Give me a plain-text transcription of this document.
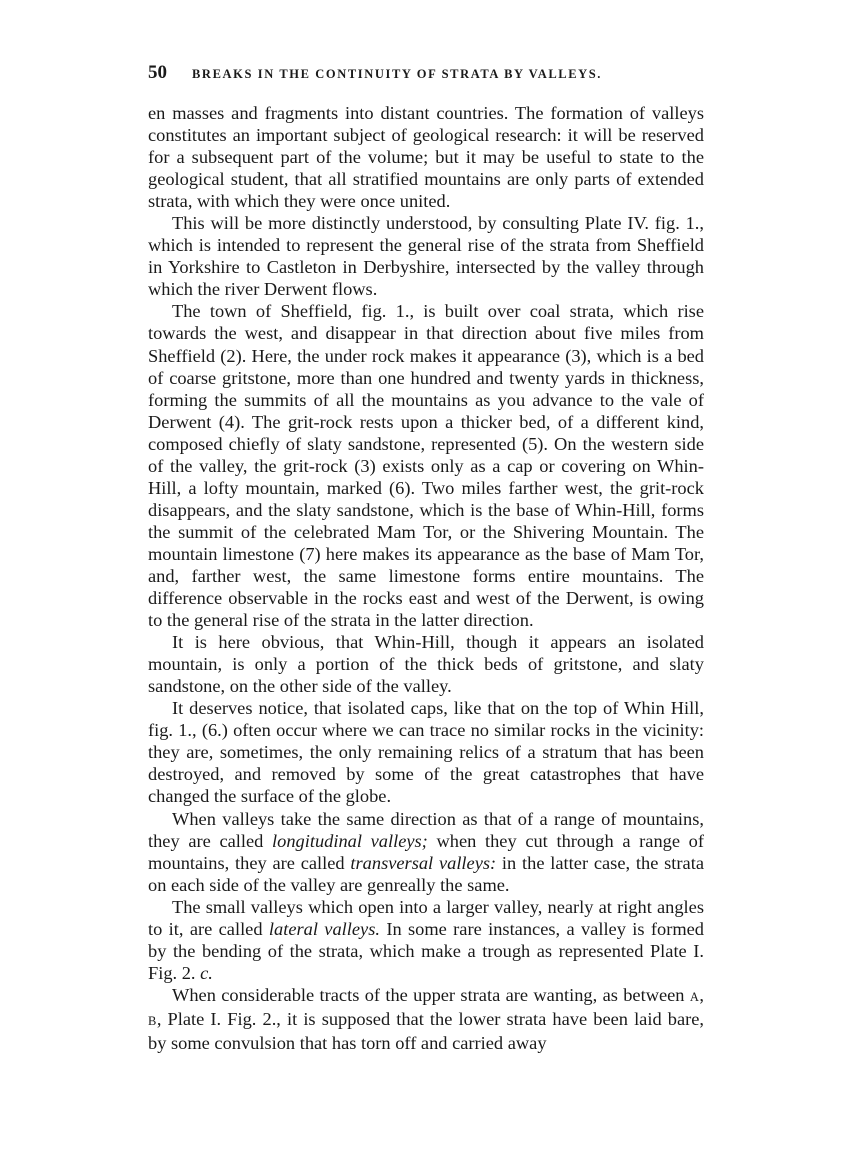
50	BREAKS IN THE CONTINUITY OF STRATA BY VALLEYS.

en masses and fragments into distant countries. The formation of valleys constitutes an important subject of geological research: it will be reserved for a subsequent part of the volume; but it may be useful to state to the geological student, that all stratified mountains are only parts of extended strata, with which they were once united.

This will be more distinctly understood, by consulting Plate IV. fig. 1., which is intended to represent the general rise of the strata from Sheffield in Yorkshire to Castleton in Derbyshire, intersected by the valley through which the river Derwent flows.

The town of Sheffield, fig. 1., is built over coal strata, which rise towards the west, and disappear in that direction about five miles from Sheffield (2). Here, the under rock makes it appearance (3), which is a bed of coarse gritstone, more than one hundred and twenty yards in thickness, forming the summits of all the mountains as you advance to the vale of Derwent (4). The grit-rock rests upon a thicker bed, of a different kind, composed chiefly of slaty sandstone, represented (5). On the western side of the valley, the grit-rock (3) exists only as a cap or covering on Whin-Hill, a lofty mountain, marked (6). Two miles farther west, the grit-rock disappears, and the slaty sandstone, which is the base of Whin-Hill, forms the summit of the celebrated Mam Tor, or the Shivering Mountain. The mountain limestone (7) here makes its appearance as the base of Mam Tor, and, farther west, the same limestone forms entire mountains. The difference observable in the rocks east and west of the Derwent, is owing to the general rise of the strata in the latter direction.

It is here obvious, that Whin-Hill, though it appears an isolated mountain, is only a portion of the thick beds of gritstone, and slaty sandstone, on the other side of the valley.

It deserves notice, that isolated caps, like that on the top of Whin Hill, fig. 1., (6.) often occur where we can trace no similar rocks in the vicinity: they are, sometimes, the only remaining relics of a stratum that has been destroyed, and removed by some of the great catastrophes that have changed the surface of the globe.

When valleys take the same direction as that of a range of mountains, they are called longitudinal valleys; when they cut through a range of mountains, they are called transversal valleys: in the latter case, the strata on each side of the valley are genreally the same.

The small valleys which open into a larger valley, nearly at right angles to it, are called lateral valleys. In some rare instances, a valley is formed by the bending of the strata, which make a trough as represented Plate I. Fig. 2. c.

When considerable tracts of the upper strata are wanting, as between A, B, Plate I. Fig. 2., it is supposed that the lower strata have been laid bare, by some convulsion that has torn off and carried away
